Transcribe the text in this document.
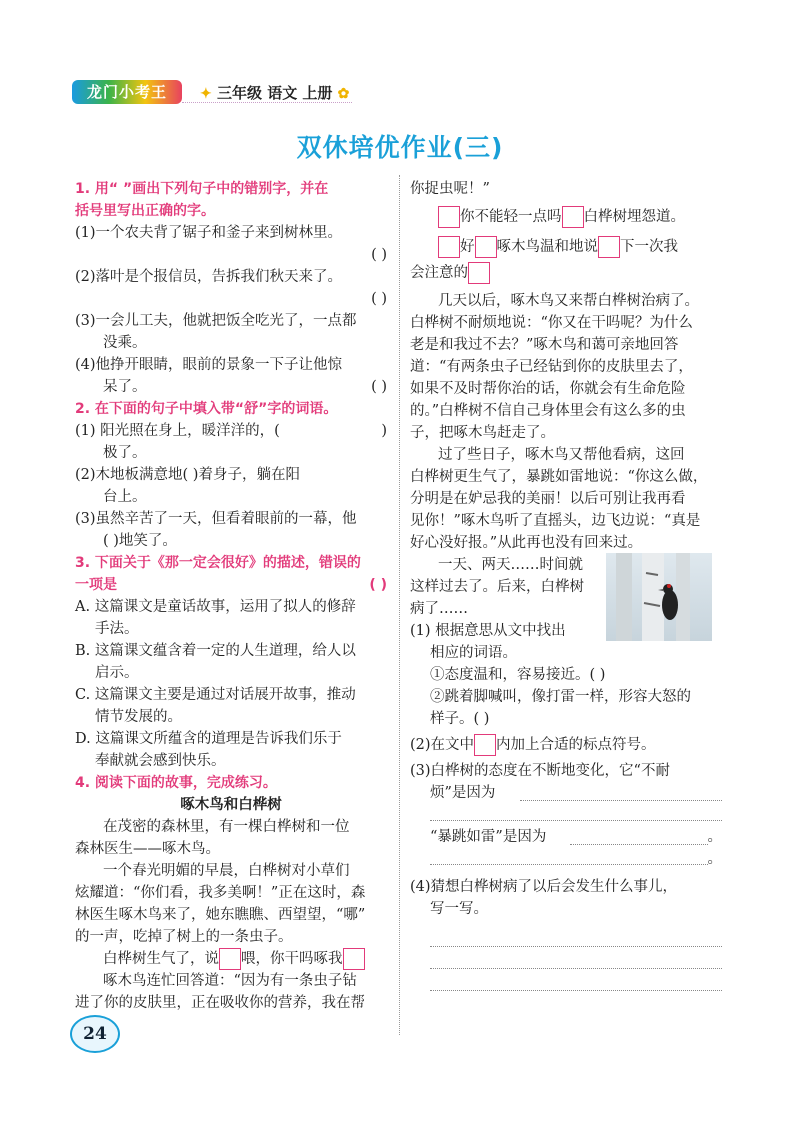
龙门小考王	✦ 三年级 语文 上册 ✿
双休培优作业(三)
1. 用“ ”画出下列句子中的错别字，并在
括号里写出正确的字。
(1)一个农夫背了锯子和釜子来到树林里。
( )
(2)落叶是个报信员，告拆我们秋天来了。
( )
(3)一会儿工夫，他就把饭全吃光了，一点都
没乘。
(4)他挣开眼睛，眼前的景象一下子让他惊
呆了。	( )
2. 在下面的句子中填入带“舒”字的词语。
(1) 阳光照在身上，暖洋洋的，(	)
极了。
(2)木地板满意地( )着身子，躺在阳
台上。
(3)虽然辛苦了一天，但看着眼前的一幕，他
( )地笑了。
3. 下面关于《那一定会很好》的描述，错误的
一项是	( )
A. 这篇课文是童话故事，运用了拟人的修辞
手法。
B. 这篇课文蕴含着一定的人生道理，给人以
启示。
C. 这篇课文主要是通过对话展开故事，推动
情节发展的。
D. 这篇课文所蕴含的道理是告诉我们乐于
奉献就会感到快乐。
4. 阅读下面的故事，完成练习。
啄木鸟和白桦树
在茂密的森林里，有一棵白桦树和一位
森林医生——啄木鸟。
一个春光明媚的早晨，白桦树对小草们
炫耀道：“你们看，我多美啊！”正在这时，森
林医生啄木鸟来了，她东瞧瞧、西望望，“哪”
的一声，吃掉了树上的一条虫子。
白桦树生气了，说 喂，你干吗啄我
啄木鸟连忙回答道：“因为有一条虫子钻
进了你的皮肤里，正在吸收你的营养，我在帮
你捉虫呢！”
你不能轻一点吗 白桦树埋怨道。
好 啄木鸟温和地说 下一次我
会注意的
几天以后，啄木鸟又来帮白桦树治病了。
白桦树不耐烦地说：“你又在干吗呢？为什么
老是和我过不去？”啄木鸟和蔼可亲地回答
道：“有两条虫子已经钻到你的皮肤里去了，
如果不及时帮你治的话，你就会有生命危险
的。”白桦树不信自己身体里会有这么多的虫
子，把啄木鸟赶走了。
过了些日子，啄木鸟又帮他看病，这回
白桦树更生气了，暴跳如雷地说：“你这么做，
分明是在妒忌我的美丽！以后可别让我再看
见你！”啄木鸟听了直摇头，边飞边说：“真是
好心没好报。”从此再也没有回来过。
一天、两天……时间就
这样过去了。后来，白桦树
病了……
(1) 根据意思从文中找出
相应的词语。
①态度温和，容易接近。( )
②跳着脚喊叫，像打雷一样，形容大怒的
样子。( )
(2)在文中 内加上合适的标点符号。
(3)白桦树的态度在不断地变化，它“不耐
烦”是因为
“暴跳如雷”是因为	。
。
(4)猜想白桦树病了以后会发生什么事儿，
写一写。
24
